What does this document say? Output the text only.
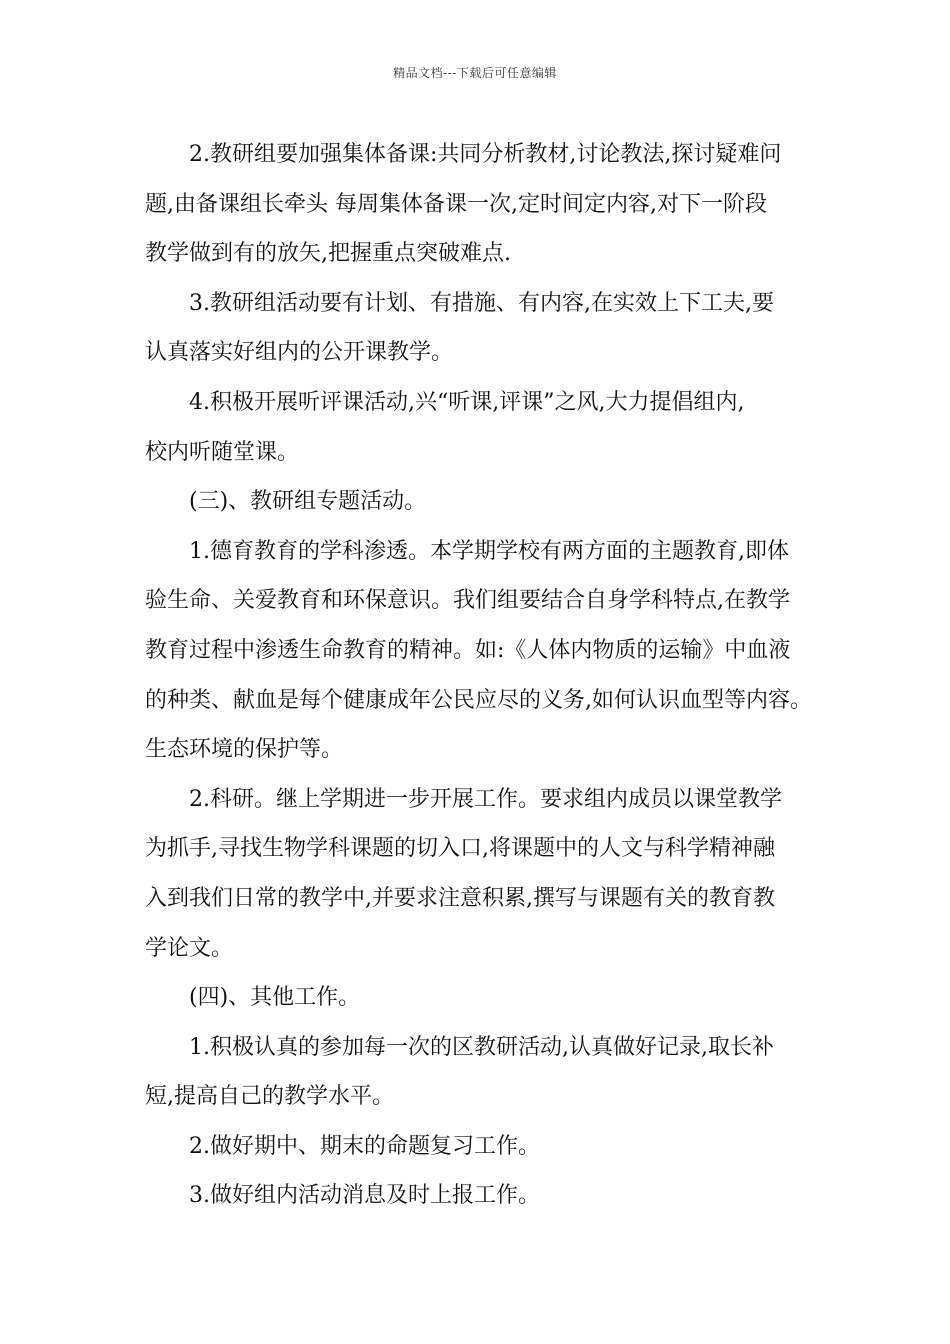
精品文档---下载后可任意编辑
2.教研组要加强集体备课:共同分析教材,讨论教法,探讨疑难问
题,由备课组长牵头 每周集体备课一次,定时间定内容,对下一阶段
教学做到有的放矢,把握重点突破难点.
3.教研组活动要有计划、有措施、有内容,在实效上下工夫,要
认真落实好组内的公开课教学。
4.积极开展听评课活动,兴“听课,评课”之风,大力提倡组内,
校内听随堂课。
(三)、教研组专题活动。
1.德育教育的学科渗透。本学期学校有两方面的主题教育,即体
验生命、关爱教育和环保意识。我们组要结合自身学科特点,在教学
教育过程中渗透生命教育的精神。如:《人体内物质的运输》中血液
的种类、献血是每个健康成年公民应尽的义务,如何认识血型等内容。
生态环境的保护等。
2.科研。继上学期进一步开展工作。要求组内成员以课堂教学
为抓手,寻找生物学科课题的切入口,将课题中的人文与科学精神融
入到我们日常的教学中,并要求注意积累,撰写与课题有关的教育教
学论文。
(四)、其他工作。
1.积极认真的参加每一次的区教研活动,认真做好记录,取长补
短,提高自己的教学水平。
2.做好期中、期末的命题复习工作。
3.做好组内活动消息及时上报工作。
